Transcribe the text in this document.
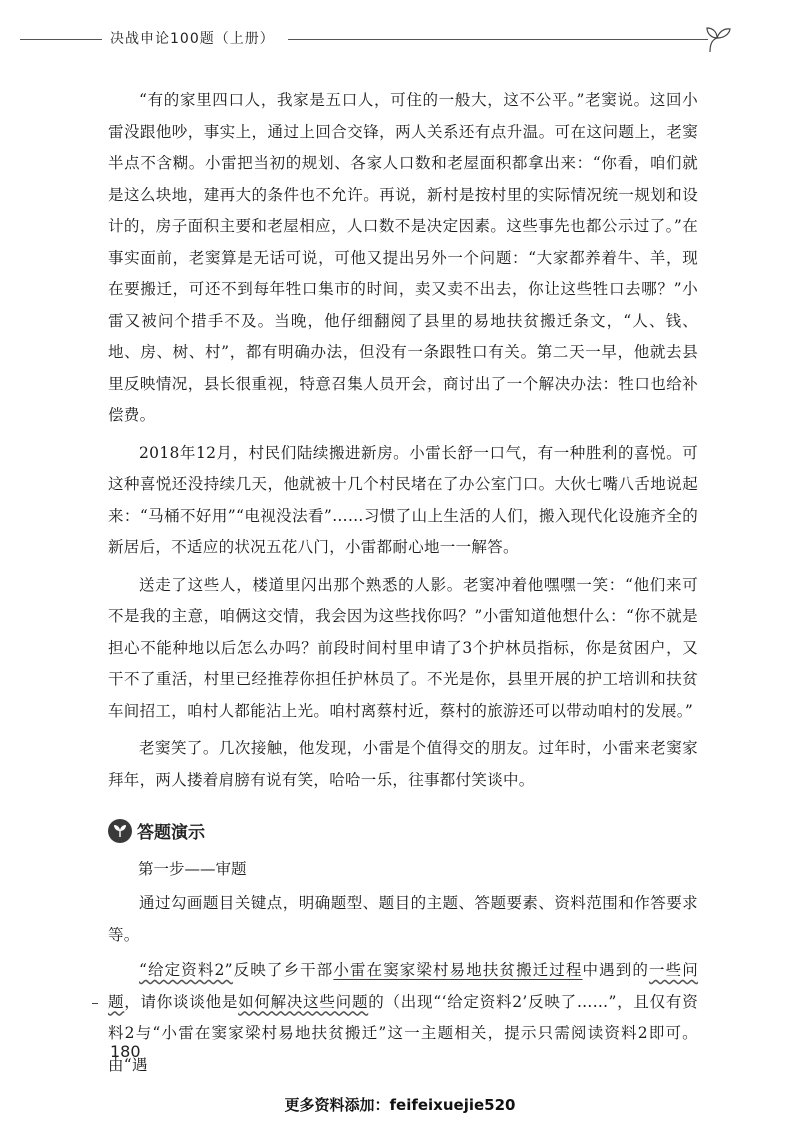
决战申论100题（上册）

“有的家里四口人，我家是五口人，可住的一般大，这不公平。”老窦说。这回小雷没跟他吵，事实上，通过上回合交锋，两人关系还有点升温。可在这问题上，老窦半点不含糊。小雷把当初的规划、各家人口数和老屋面积都拿出来：“你看，咱们就是这么块地，建再大的条件也不允许。再说，新村是按村里的实际情况统一规划和设计的，房子面积主要和老屋相应，人口数不是决定因素。这些事先也都公示过了。”在事实面前，老窦算是无话可说，可他又提出另外一个问题：“大家都养着牛、羊，现在要搬迁，可还不到每年牲口集市的时间，卖又卖不出去，你让这些牲口去哪？”小雷又被问个措手不及。当晚，他仔细翻阅了县里的易地扶贫搬迁条文，“人、钱、地、房、树、村”，都有明确办法，但没有一条跟牲口有关。第二天一早，他就去县里反映情况，县长很重视，特意召集人员开会，商讨出了一个解决办法：牲口也给补偿费。

2018年12月，村民们陆续搬进新房。小雷长舒一口气，有一种胜利的喜悦。可这种喜悦还没持续几天，他就被十几个村民堵在了办公室门口。大伙七嘴八舌地说起来：“马桶不好用”“电视没法看”……习惯了山上生活的人们，搬入现代化设施齐全的新居后，不适应的状况五花八门，小雷都耐心地一一解答。

送走了这些人，楼道里闪出那个熟悉的人影。老窦冲着他嘿嘿一笑：“他们来可不是我的主意，咱俩这交情，我会因为这些找你吗？”小雷知道他想什么：“你不就是担心不能种地以后怎么办吗？前段时间村里申请了3个护林员指标，你是贫困户，又干不了重活，村里已经推荐你担任护林员了。不光是你，县里开展的护工培训和扶贫车间招工，咱村人都能沾上光。咱村离蔡村近，蔡村的旅游还可以带动咱村的发展。”

老窦笑了。几次接触，他发现，小雷是个值得交的朋友。过年时，小雷来老窦家拜年，两人搂着肩膀有说有笑，哈哈一乐，往事都付笑谈中。

答题演示
第一步——审题

通过勾画题目关键点，明确题型、题目的主题、答题要素、资料范围和作答要求等。

“给定资料2”反映了乡干部小雷在窦家梁村易地扶贫搬迁过程中遇到的一些问题，请你谈谈他是如何解决这些问题的（出现“‘给定资料2’反映了……”，且仅有资料2与“小雷在窦家梁村易地扶贫搬迁”这一主题相关，提示只需阅读资料2即可。由“遇

180
更多资料添加：feifeixuejie520
